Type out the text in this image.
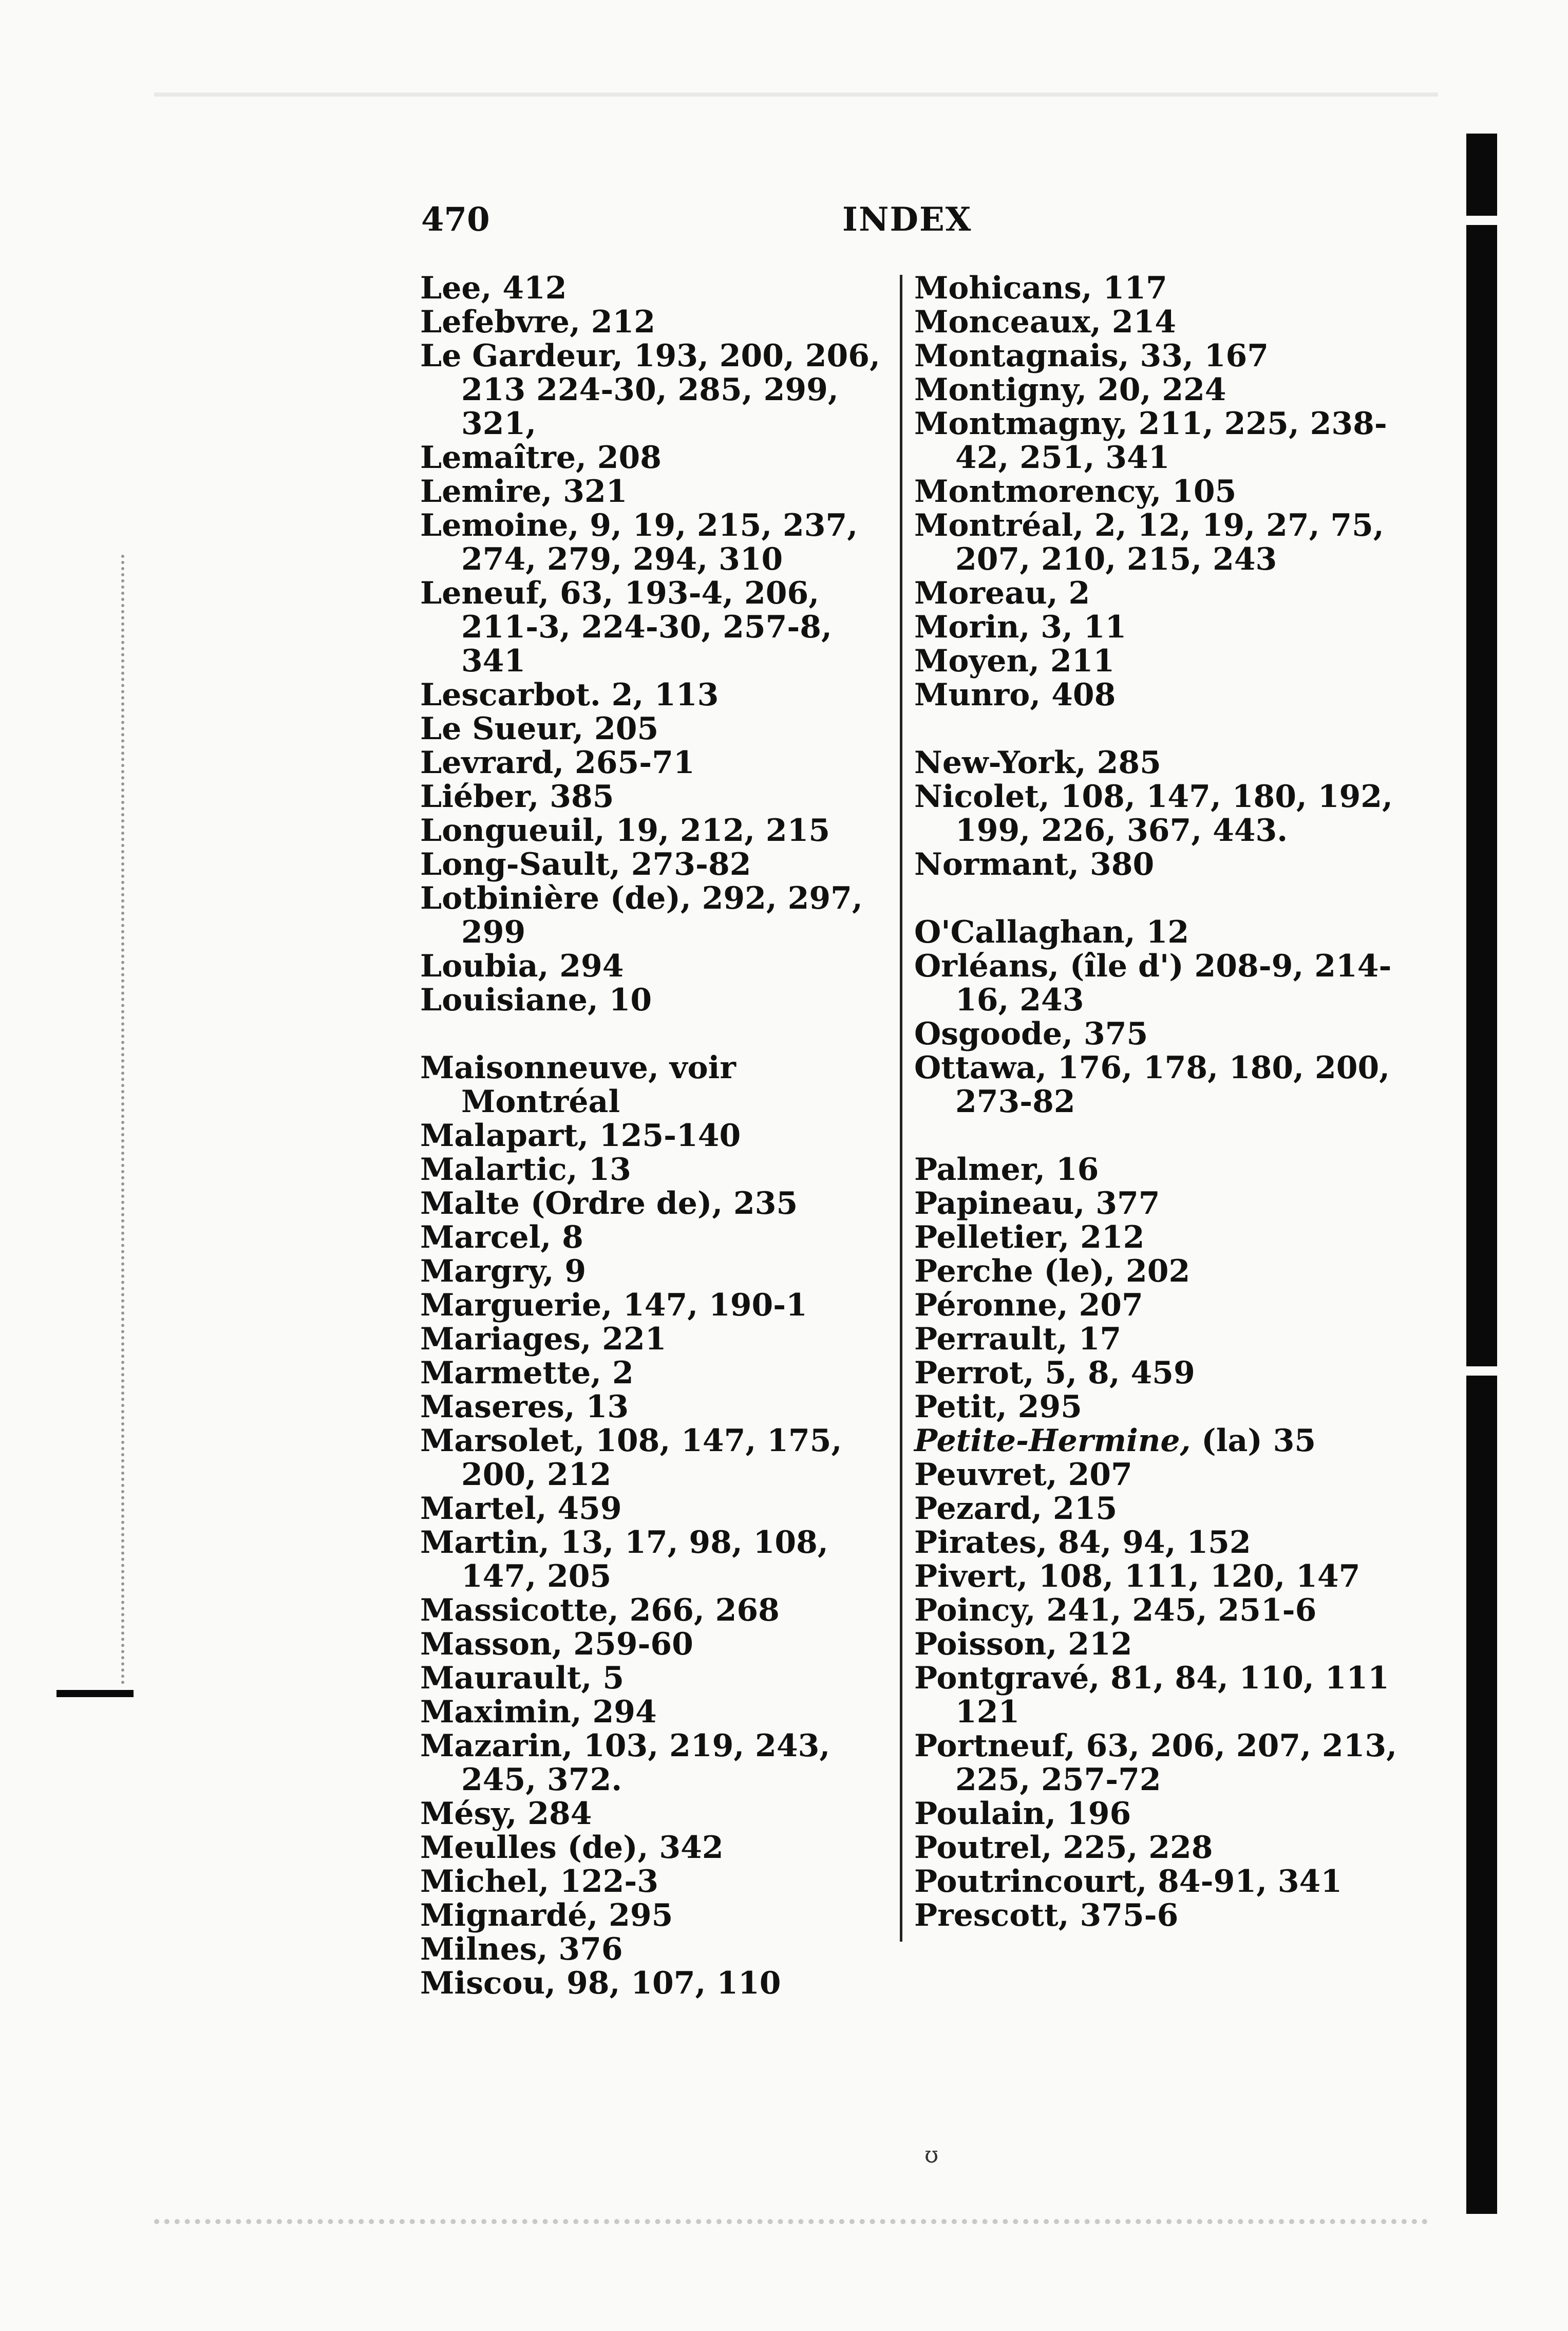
470	INDEX

Lee, 412

Lefebvre, 212

Le Gardeur, 193, 200, 206, 213 224-30, 285, 299, 321,

Lemaître, 208

Lemire, 321

Lemoine, 9, 19, 215, 237, 274, 279, 294, 310

Leneuf, 63, 193-4, 206, 211-3, 224-30, 257-8, 341

Lescarbot. 2, 113

Le Sueur, 205

Levrard, 265-71

Liéber, 385

Longueuil, 19, 212, 215

Long-Sault, 273-82

Lotbinière (de), 292, 297, 299

Loubia, 294

Louisiane, 10

Maisonneuve, voir Montréal

Malapart, 125-140

Malartic, 13

Malte (Ordre de), 235

Marcel, 8

Margry, 9

Marguerie, 147, 190-1

Mariages, 221

Marmette, 2

Maseres, 13

Marsolet, 108, 147, 175, 200, 212

Martel, 459

Martin, 13, 17, 98, 108, 147, 205

Massicotte, 266, 268

Masson, 259-60

Maurault, 5

Maximin, 294

Mazarin, 103, 219, 243, 245, 372.

Mésy, 284

Meulles (de), 342

Michel, 122-3

Mignardé, 295

Milnes, 376

Miscou, 98, 107, 110

Mohicans, 117

Monceaux, 214

Montagnais, 33, 167

Montigny, 20, 224

Montmagny, 211, 225, 238-42, 251, 341

Montmorency, 105

Montréal, 2, 12, 19, 27, 75, 207, 210, 215, 243

Moreau, 2

Morin, 3, 11

Moyen, 211

Munro, 408

New-York, 285

Nicolet, 108, 147, 180, 192, 199, 226, 367, 443.

Normant, 380

O'Callaghan, 12

Orléans, (île d') 208-9, 214-16, 243

Osgoode, 375

Ottawa, 176, 178, 180, 200, 273-82

Palmer, 16

Papineau, 377

Pelletier, 212

Perche (le), 202

Péronne, 207

Perrault, 17

Perrot, 5, 8, 459

Petit, 295

Petite-Hermine, (la) 35

Peuvret, 207

Pezard, 215

Pirates, 84, 94, 152

Pivert, 108, 111, 120, 147

Poincy, 241, 245, 251-6

Poisson, 212

Pontgravé, 81, 84, 110, 111 121

Portneuf, 63, 206, 207, 213, 225, 257-72

Poulain, 196

Poutrel, 225, 228

Poutrincourt, 84-91, 341

Prescott, 375-6

ʊ
